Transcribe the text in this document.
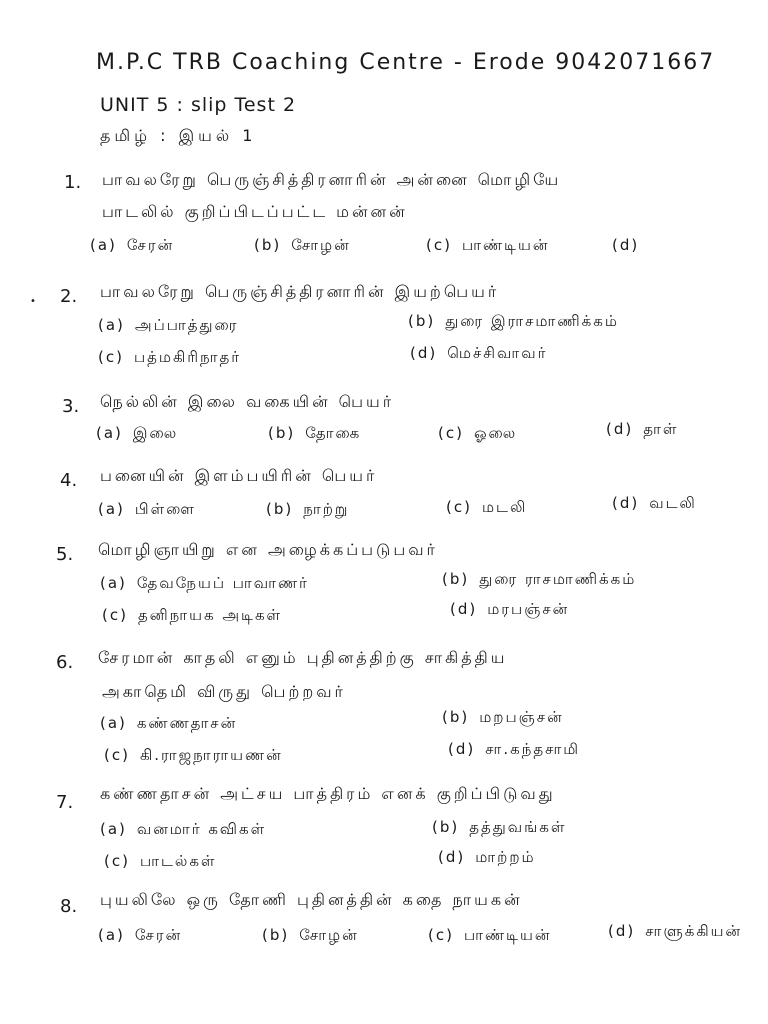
M.P.C TRB Coaching Centre - Erode 9042071667
UNIT 5 : slip Test 2
தமிழ் : இயல் 1
•
1. பாவலரேறு பெருஞ்சித்திரனாரின் அன்னை மொழியே
பாடலில் குறிப்பிடப்பட்ட மன்னன்
(a) சேரன்	(b) சோழன்	(c) பாண்டியன்	(d)
2. பாவலரேறு பெருஞ்சித்திரனாரின் இயற்பெயர்
(a) அப்பாத்துரை	(b) துரை இராசமாணிக்கம்
(c) பத்மகிரிநாதர்	(d) மெச்சிவாவர்
3. நெல்லின் இலை வகையின் பெயர்
(a) இலை	(b) தோகை	(c) ஓலை	(d) தாள்
4. பனையின் இளம்பயிரின் பெயர்
(a) பிள்ளை	(b) நாற்று	(c) மடலி	(d) வடலி
5. மொழிஞாயிறு என அழைக்கப்படுபவர்
(a) தேவநேயப் பாவாணர்	(b) துரை ராசமாணிக்கம்
(c) தனிநாயக அடிகள்	(d) மரபஞ்சன்
6. சேரமான் காதலி எனும் புதினத்திற்கு சாகித்திய
அகாதெமி விருது பெற்றவர்
(a) கண்ணதாசன்	(b) மறபஞ்சன்
(c) கி.ராஜநாராயணன்	(d) சா.கந்தசாமி
7. கண்ணதாசன் அட்சய பாத்திரம் எனக் குறிப்பிடுவது
(a) வனமார் கவிகள்	(b) தத்துவங்கள்
(c) பாடல்கள்	(d) மாற்றம்
8. புயலிலே ஒரு தோணி புதினத்தின் கதை நாயகன்
(a) சேரன்	(b) சோழன்	(c) பாண்டியன்	(d) சாளுக்கியன்
